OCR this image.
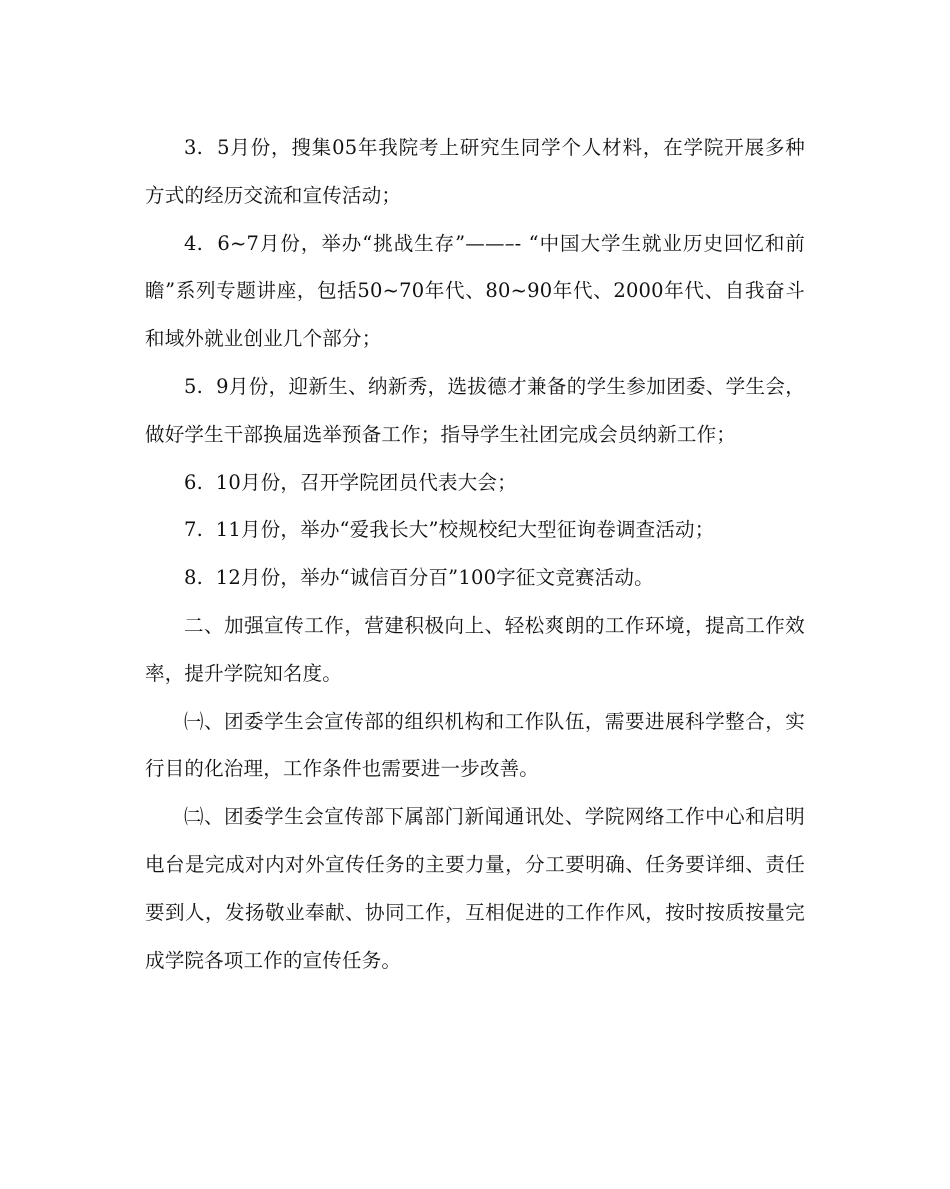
3.  5月份，搜集05年我院考上研究生同学个人材料，在学院开展多种方式的经历交流和宣传活动；

4.  6~7月份，举办“挑战生存”——–- “中国大学生就业历史回忆和前瞻”系列专题讲座，包括50~70年代、80~90年代、2000年代、自我奋斗和域外就业创业几个部分；

5.  9月份，迎新生、纳新秀，选拔德才兼备的学生参加团委、学生会，做好学生干部换届选举预备工作；指导学生社团完成会员纳新工作；

6.  10月份，召开学院团员代表大会；

7.  11月份，举办“爱我长大”校规校纪大型征询卷调查活动；

8.  12月份，举办“诚信百分百”100字征文竞赛活动。

二、加强宣传工作，营建积极向上、轻松爽朗的工作环境，提高工作效率，提升学院知名度。

㈠、团委学生会宣传部的组织机构和工作队伍，需要进展科学整合，实行目的化治理，工作条件也需要进一步改善。

㈡、团委学生会宣传部下属部门新闻通讯处、学院网络工作中心和启明电台是完成对内对外宣传任务的主要力量，分工要明确、任务要详细、责任要到人，发扬敬业奉献、协同工作，互相促进的工作作风，按时按质按量完成学院各项工作的宣传任务。
